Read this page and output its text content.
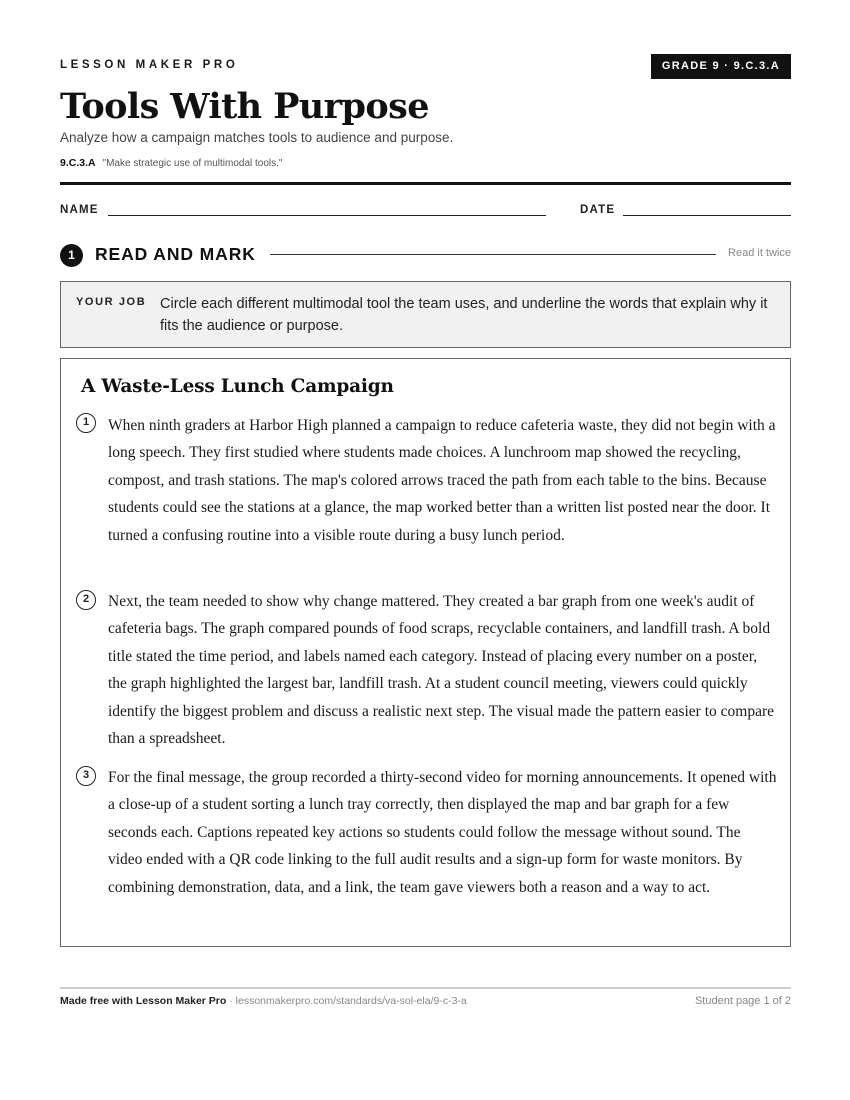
LESSON MAKER PRO	GRADE 9 · 9.C.3.A
Tools With Purpose
Analyze how a campaign matches tools to audience and purpose.
9.C.3.A "Make strategic use of multimodal tools."
NAME	DATE
1	READ AND MARK	Read it twice
YOUR JOB Circle each different multimodal tool the team uses, and underline the words that explain why it fits the audience or purpose.
A Waste-Less Lunch Campaign
1	When ninth graders at Harbor High planned a campaign to reduce cafeteria waste, they did not begin with a long speech. They first studied where students made choices. A lunchroom map showed the recycling, compost, and trash stations. The map's colored arrows traced the path from each table to the bins. Because students could see the stations at a glance, the map worked better than a written list posted near the door. It turned a confusing routine into a visible route during a busy lunch period.

2	Next, the team needed to show why change mattered. They created a bar graph from one week's audit of cafeteria bags. The graph compared pounds of food scraps, recyclable containers, and landfill trash. A bold title stated the time period, and labels named each category. Instead of placing every number on a poster, the graph highlighted the largest bar, landfill trash. At a student council meeting, viewers could quickly identify the biggest problem and discuss a realistic next step. The visual made the pattern easier to compare than a spreadsheet.

3	For the final message, the group recorded a thirty-second video for morning announcements. It opened with a close-up of a student sorting a lunch tray correctly, then displayed the map and bar graph for a few seconds each. Captions repeated key actions so students could follow the message without sound. The video ended with a QR code linking to the full audit results and a sign-up form for waste monitors. By combining demonstration, data, and a link, the team gave viewers both a reason and a way to act.

Made free with Lesson Maker Pro · lessonmakerpro.com/standards/va-sol-ela/9-c-3-a	Student page 1 of 2
